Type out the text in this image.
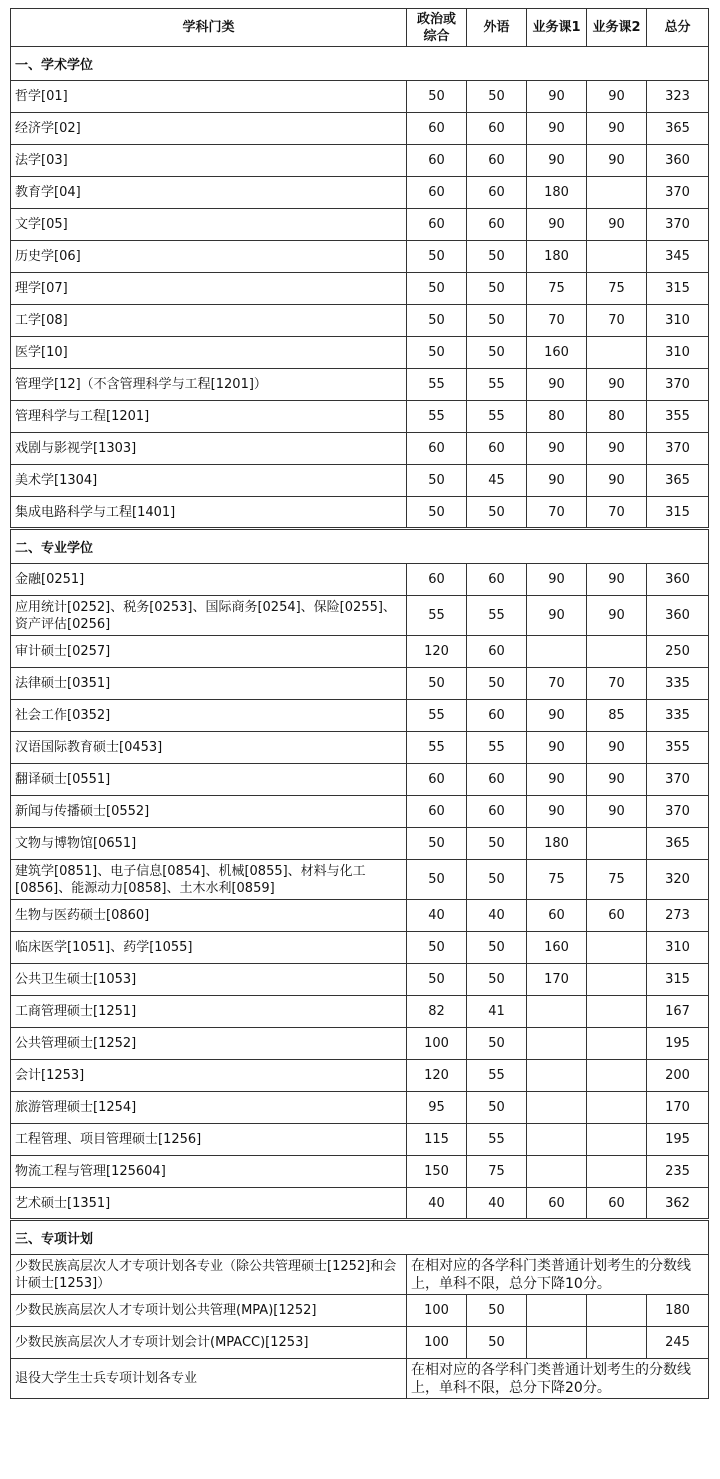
学科门类	政治或综合	外语	业务课1	业务课2	总分
一、学术学位					
哲学[01]	50	50	90	90	323
经济学[02]	60	60	90	90	365
法学[03]	60	60	90	90	360
教育学[04]	60	60	180		370
文学[05]	60	60	90	90	370
历史学[06]	50	50	180		345
理学[07]	50	50	75	75	315
工学[08]	50	50	70	70	310
医学[10]	50	50	160		310
管理学[12]（不含管理科学与工程[1201]）	55	55	90	90	370
管理科学与工程[1201]	55	55	80	80	355
戏剧与影视学[1303]	60	60	90	90	370
美术学[1304]	50	45	90	90	365
集成电路科学与工程[1401]	50	50	70	70	315
二、专业学位					
金融[0251]	60	60	90	90	360
应用统计[0252]、税务[0253]、国际商务[0254]、保险[0255]、资产评估[0256]	55	55	90	90	360
审计硕士[0257]	120	60			250
法律硕士[0351]	50	50	70	70	335
社会工作[0352]	55	60	90	85	335
汉语国际教育硕士[0453]	55	55	90	90	355
翻译硕士[0551]	60	60	90	90	370
新闻与传播硕士[0552]	60	60	90	90	370
文物与博物馆[0651]	50	50	180		365
建筑学[0851]、电子信息[0854]、机械[0855]、材料与化工[0856]、能源动力[0858]、土木水利[0859]	50	50	75	75	320
生物与医药硕士[0860]	40	40	60	60	273
临床医学[1051]、药学[1055]	50	50	160		310
公共卫生硕士[1053]	50	50	170		315
工商管理硕士[1251]	82	41			167
公共管理硕士[1252]	100	50			195
会计[1253]	120	55			200
旅游管理硕士[1254]	95	50			170
工程管理、项目管理硕士[1256]	115	55			195
物流工程与管理[125604]	150	75			235
艺术硕士[1351]	40	40	60	60	362
三、专项计划					
少数民族高层次人才专项计划各专业（除公共管理硕士[1252]和会计硕士[1253]）	在相对应的各学科门类普通计划考生的分数线上，单科不限，总分下降10分。				
少数民族高层次人才专项计划公共管理(MPA)[1252]	100	50			180
少数民族高层次人才专项计划会计(MPACC)[1253]	100	50			245
退役大学生士兵专项计划各专业	在相对应的各学科门类普通计划考生的分数线上，单科不限，总分下降20分。				
